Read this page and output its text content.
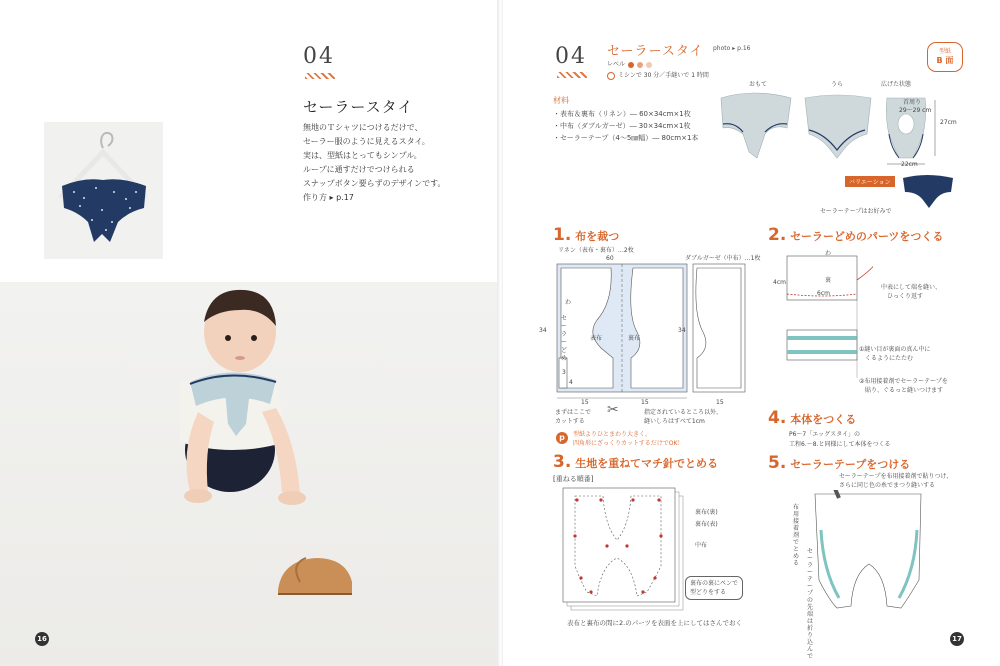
04
セーラースタイ
無地のＴシャツにつけるだけで、
セーラー服のように見えるスタイ。
実は、型紙はとってもシンプル。
ループに通すだけでつけられる
スナップボタン要らずのデザインです。
作り方 ▸ p.17
16
04 セーラースタイ photo ▸ p.16
レベル
ミシンで 30 分／手縫いで 1 時間
型紙
B 面
材料
・表布＆裏布（リネン）― 60×34cm×1枚
・中布（ダブルガーゼ）― 30×34cm×1枚
・セーラーテープ（4～5㎜幅）― 80cm×1本
おもて	うら	広げた状態
首周り
29～29 cm
27cm
22cm
バリエーション
セーラーテープはお好みで
1. 布を裁つ
リネン（表布・裏布）…2枚
ダブルガーゼ（中布）…1枚
60
34	34
わ
表布	裏布
セーラーどめ
3
4
15	15	15
まずはここで
カットする
✂	指定されているところ以外、
縫いしろはすべて1cm
p	型紙よりひとまわり大きく、
四角形にざっくりカットするだけでOK！
3. 生地を重ねてマチ針でとめる
[重ねる順番]
裏布(裏)
裏布(表)
中布
裏布の裏にペンで
型どりをする
表布と裏布の間に2.のパーツを表面を上にしてはさんでおく
2. セーラーどめのパーツをつくる
わ
裏
4cm
6cm
中表にして端を縫い、
ひっくり返す
①縫い目が裏面の真ん中に
くるようにたたむ
②布用接着剤でセーラーテープを
貼り、ぐるっと縫いつけます
4. 本体をつくる
P6～7「エッグスタイ」の
工程6.～8.と同様にして本体をつくる
5. セーラーテープをつける
セーラーテープを布用接着剤で貼りつけ、
さらに同じ色の糸でまつり縫いする
布用接着剤でとめる
セーラーテープの先端は折り込んで
17
